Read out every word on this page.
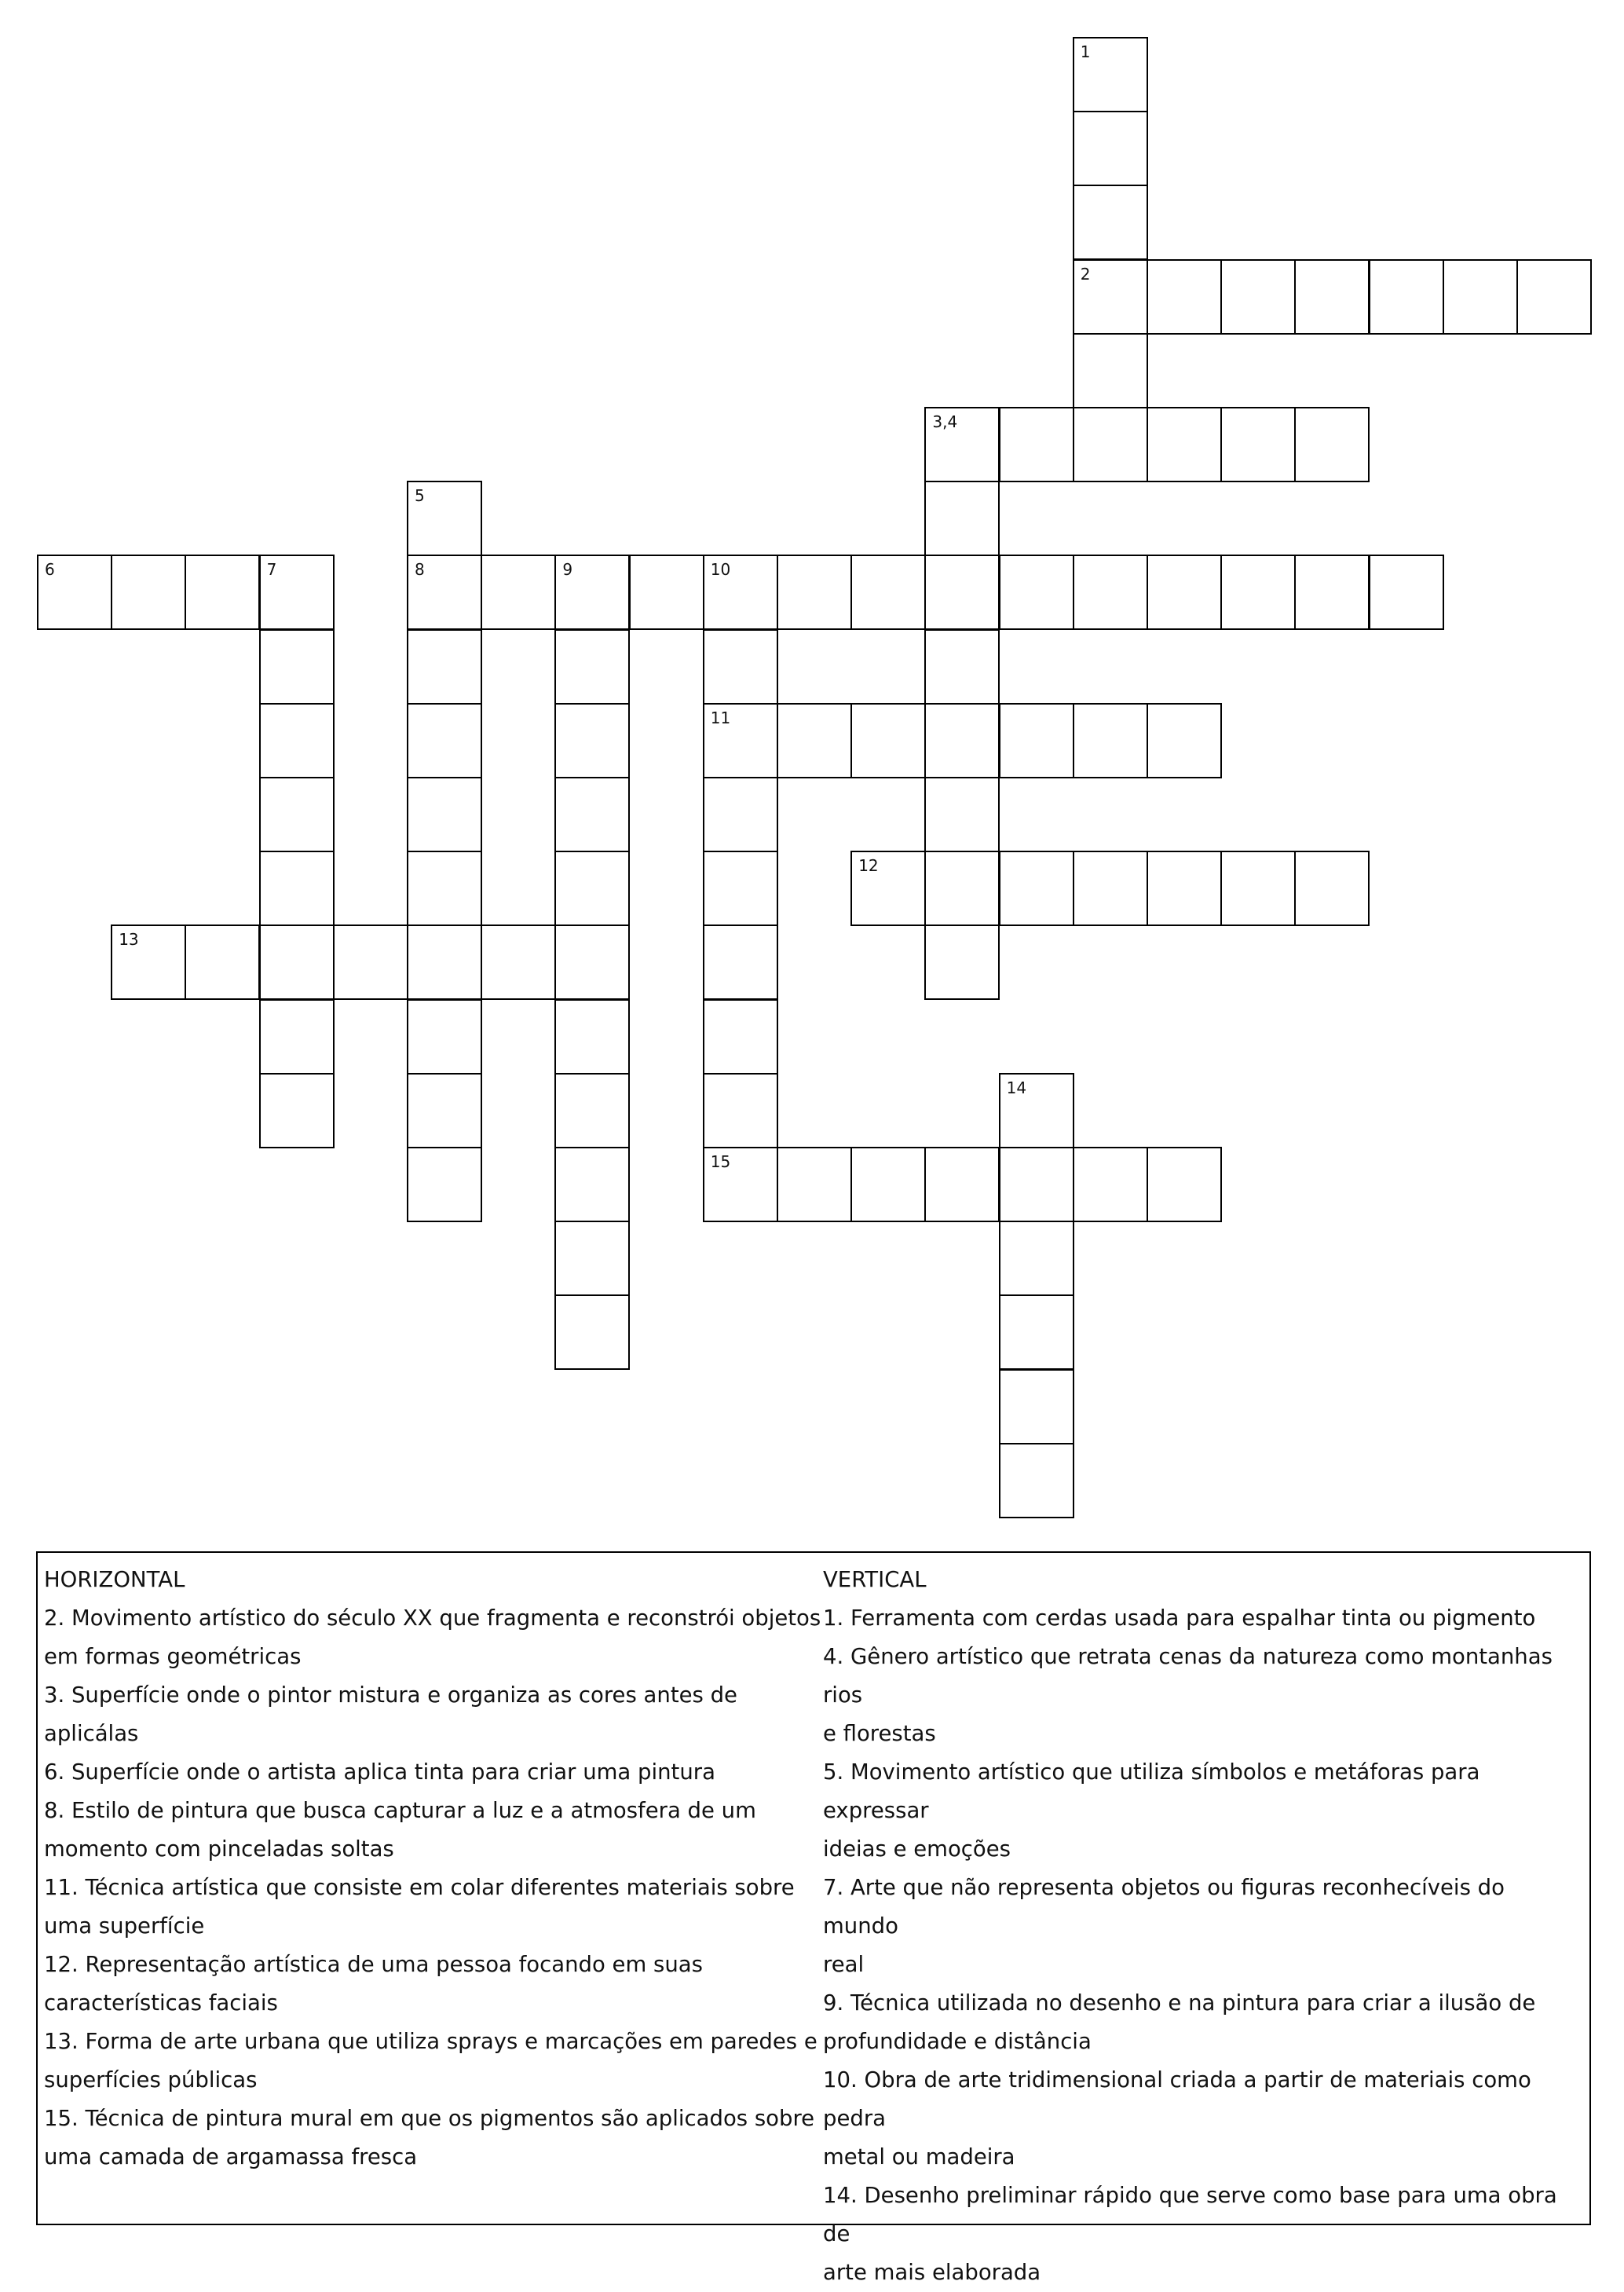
1
2
3,4
5
6	7	8	9	10
11
12
13
14
15

HORIZONTAL

2. Movimento artístico do século XX que fragmenta e reconstrói objetos

em formas geométricas

3. Superfície onde o pintor mistura e organiza as cores antes de

aplicálas

6. Superfície onde o artista aplica tinta para criar uma pintura

8. Estilo de pintura que busca capturar a luz e a atmosfera de um

momento com pinceladas soltas

11. Técnica artística que consiste em colar diferentes materiais sobre

uma superfície

12. Representação artística de uma pessoa focando em suas

características faciais

13. Forma de arte urbana que utiliza sprays e marcações em paredes e

superfícies públicas

15. Técnica de pintura mural em que os pigmentos são aplicados sobre

uma camada de argamassa fresca

VERTICAL

1. Ferramenta com cerdas usada para espalhar tinta ou pigmento

4. Gênero artístico que retrata cenas da natureza como montanhas rios

e florestas

5. Movimento artístico que utiliza símbolos e metáforas para expressar

ideias e emoções

7. Arte que não representa objetos ou figuras reconhecíveis do mundo

real

9. Técnica utilizada no desenho e na pintura para criar a ilusão de

profundidade e distância

10. Obra de arte tridimensional criada a partir de materiais como pedra

metal ou madeira

14. Desenho preliminar rápido que serve como base para uma obra de

arte mais elaborada
